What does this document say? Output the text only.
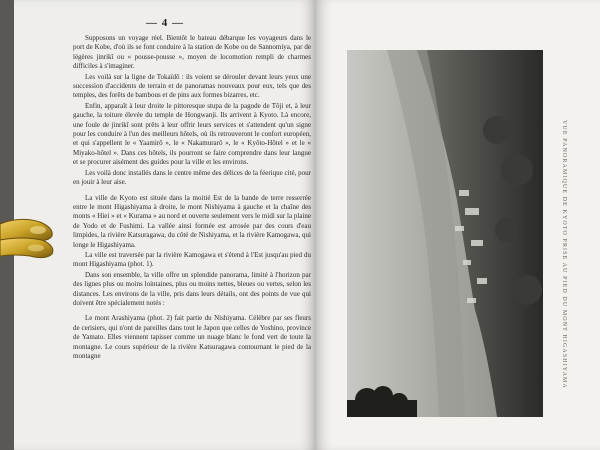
— 4 —

Supposons un voyage réel. Bientôt le bateau débarque les voyageurs dans le port de Kobe, d'où ils se font conduire à la station de Kobe ou de Sannomiya, par de légères jinrikî ou « pousse-pousse », moyen de locomotion rempli de charmes difficiles à s'imaginer.

Les voilà sur la ligne de Tokaïdô : ils voient se dérouler devant leurs yeux une succession d'accidents de terrain et de panoramas nouveaux pour eux, tels que des temples, des forêts de bambous et de pins aux formes bizarres, etc.

Enfin, apparaît à leur droite le pittoresque stupa de la pagode de Tôji et, à leur gauche, la toiture élevée du temple de Hongwanji. Ils arrivent à Kyoto. Là encore, une foule de jinrikî sont prêts à leur offrir leurs services et s'attendent qu'un signe pour les conduire à l'un des meilleurs hôtels, où ils retrouveront le confort européen, et qui s'appellent le « Yaamirô », le « Nakamurarô », le « Kyôto-Hôtel » et le « Miyako-hôtel ». Dans ces hôtels, ils pourront se faire comprendre dans leur langue et se procurer aisément des guides pour la ville et les environs.

Les voilà donc installés dans le centre même des délices de la féerique cité, pour en jouir à leur aise.

La ville de Kyoto est située dans la moitié Est de la bande de terre resserrée entre le mont Higashiyama à droite, le mont Nishiyama à gauche et la chaîne des monts « Hiei » et « Kurama » au nord et ouverte seulement vers le midi sur la plaine de Yodo et de Fushimi. La vallée ainsi formée est arrosée par des cours d'eau limpides, la rivière Katsuragawa, du côté de Nishiyama, et la rivière Kamogawa, qui longe le Higashiyama.

La ville est traversée par la rivière Kamogawa et s'étend à l'Est jusqu'au pied du mont Higashiyama (phot. 1).

Dans son ensemble, la ville offre un splendide panorama, limité à l'horizon par des lignes plus ou moins lointaines, plus ou moins nettes, bleues ou vertes, selon les distances. Les environs de la ville, pris dans leurs détails, ont des points de vue qui doivent être spécialement notés :

Le mont Arashiyama (phot. 2) fait partie du Nishiyama. Célèbre par ses fleurs de cerisiers, qui n'ont de pareilles dans tout le Japon que celles de Yoshino, province de Yamato. Elles viennent tapisser comme un nuage blanc le fond vert de toute la montagne. Le cours supérieur de la rivière Katsuragawa contournant le pied de la montagne	VUE PANORAMIQUE DE KYOTO PRISE AU PIED DU MONT HIGASHIYAMA
